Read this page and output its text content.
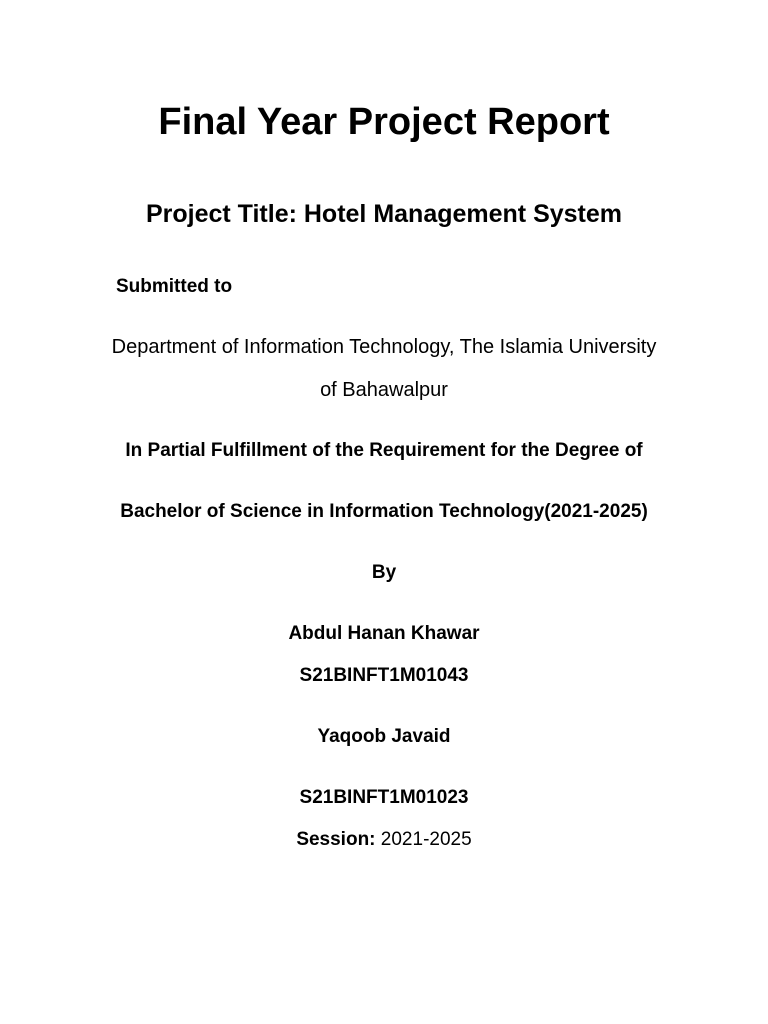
Final Year Project Report
Project Title: Hotel Management System
Submitted to
Department of Information Technology, The Islamia University
of Bahawalpur
In Partial Fulfillment of the Requirement for the Degree of
Bachelor of Science in Information Technology(2021-2025)
By
Abdul Hanan Khawar
S21BINFT1M01043
Yaqoob Javaid
S21BINFT1M01023
Session: 2021-2025
